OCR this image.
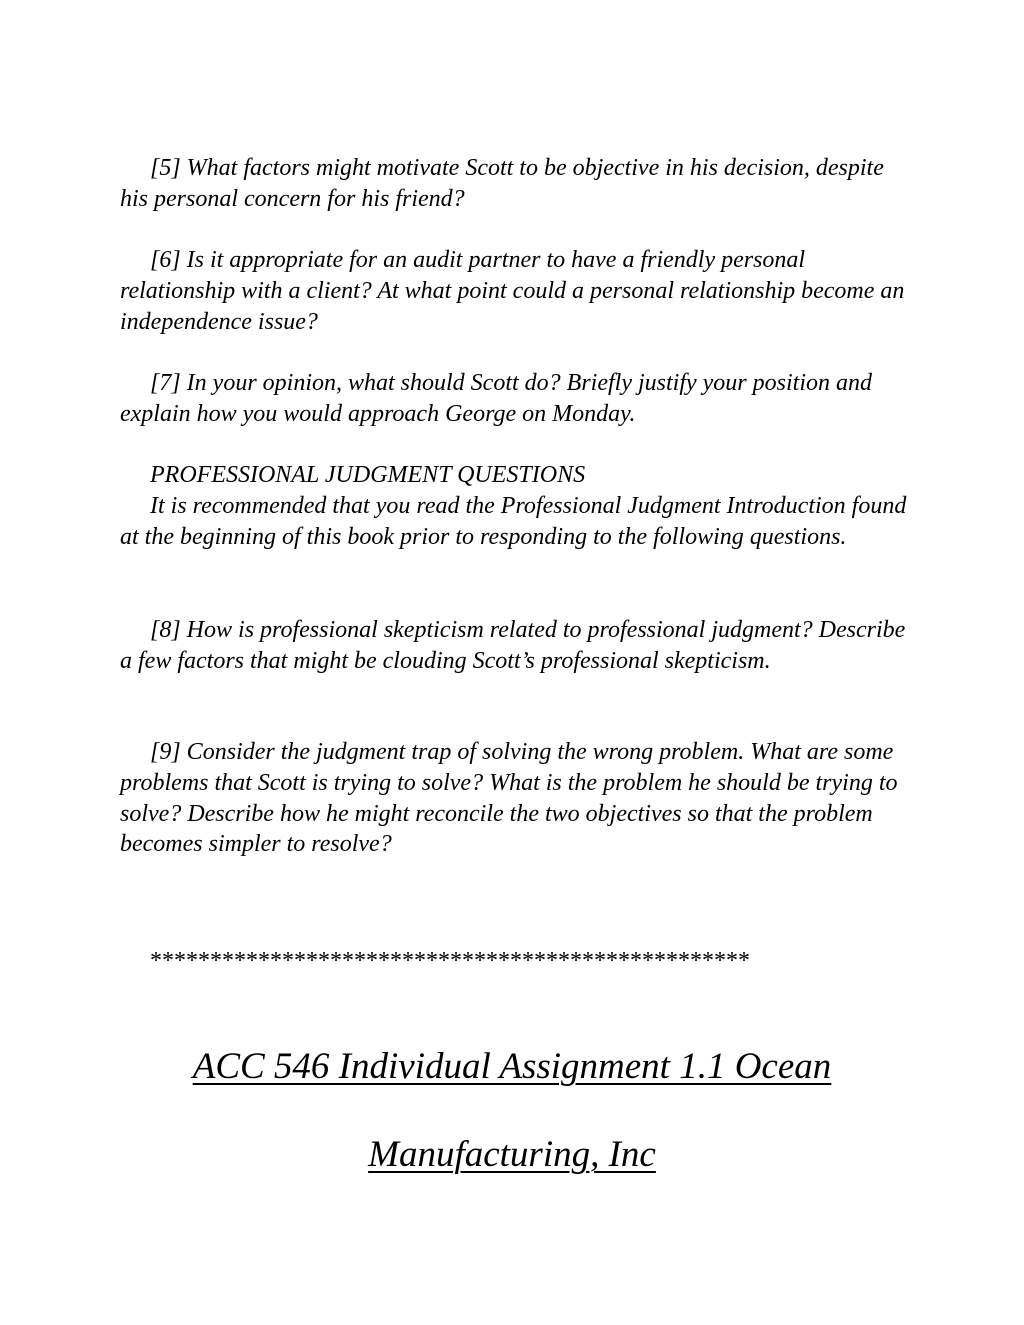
[5] What factors might motivate Scott to be objective in his decision, despite his personal concern for his friend?

[6] Is it appropriate for an audit partner to have a friendly personal relationship with a client? At what point could a personal relationship become an independence issue?

[7] In your opinion, what should Scott do? Briefly justify your position and explain how you would approach George on Monday.

PROFESSIONAL JUDGMENT QUESTIONS
It is recommended that you read the Professional Judgment Introduction found at the beginning of this book prior to responding to the following questions.

[8] How is professional skepticism related to professional judgment? Describe a few factors that might be clouding Scott’s professional skepticism.

[9] Consider the judgment trap of solving the wrong problem. What are some problems that Scott is trying to solve? What is the problem he should be trying to solve? Describe how he might reconcile the two objectives so that the problem becomes simpler to resolve?

**************************************************
ACC 546 Individual Assignment 1.1 Ocean
Manufacturing, Inc
